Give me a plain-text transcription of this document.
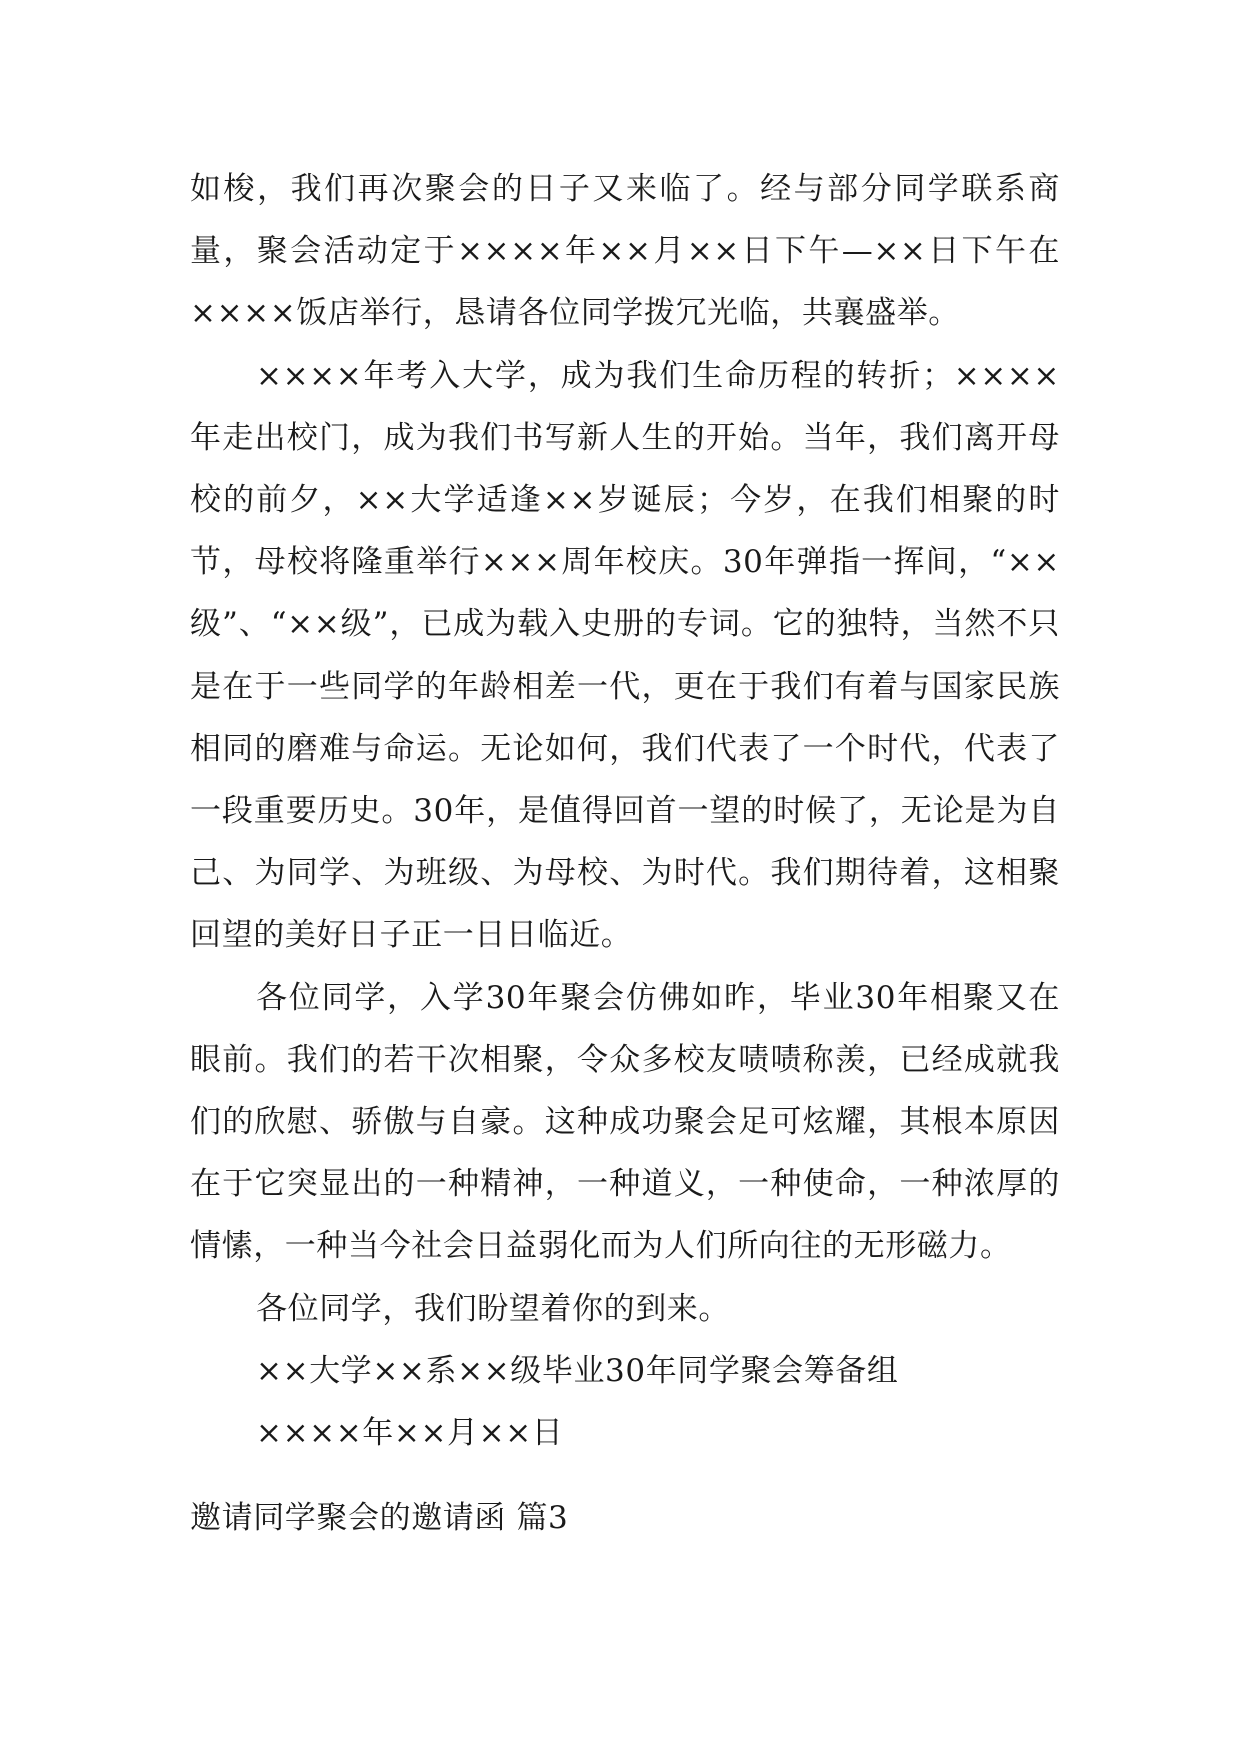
如梭，我们再次聚会的日子又来临了。经与部分同学联系商量，聚会活动定于××××年××月××日下午—××日下午在××××饭店举行，恳请各位同学拨冗光临，共襄盛举。

××××年考入大学，成为我们生命历程的转折；××××年走出校门，成为我们书写新人生的开始。当年，我们离开母校的前夕，××大学适逢××岁诞辰；今岁，在我们相聚的时节，母校将隆重举行×××周年校庆。30年弹指一挥间，“××级”、“××级”，已成为载入史册的专词。它的独特，当然不只是在于一些同学的年龄相差一代，更在于我们有着与国家民族相同的磨难与命运。无论如何，我们代表了一个时代，代表了一段重要历史。30年，是值得回首一望的时候了，无论是为自己、为同学、为班级、为母校、为时代。我们期待着，这相聚回望的美好日子正一日日临近。

各位同学，入学30年聚会仿佛如昨，毕业30年相聚又在眼前。我们的若干次相聚，令众多校友啧啧称羡，已经成就我们的欣慰、骄傲与自豪。这种成功聚会足可炫耀，其根本原因在于它突显出的一种精神，一种道义，一种使命，一种浓厚的情愫，一种当今社会日益弱化而为人们所向往的无形磁力。

各位同学，我们盼望着你的到来。

××大学××系××级毕业30年同学聚会筹备组

××××年××月××日

邀请同学聚会的邀请函 篇3
